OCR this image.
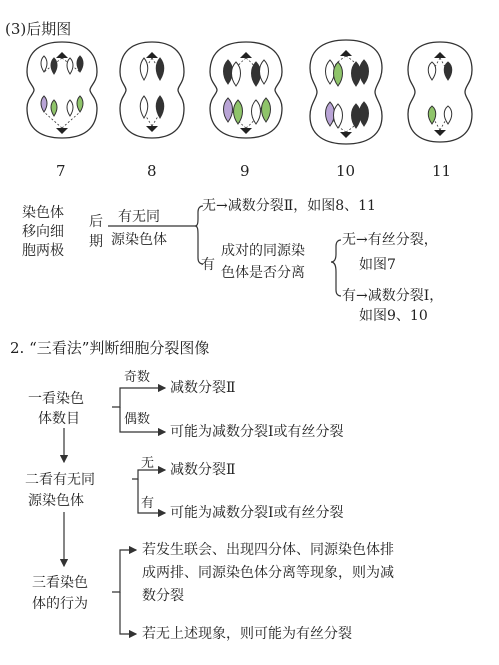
(3)后期图
7	8	9	10	11
染色体
移向细
胞两极
后
期
有无同
源染色体
无 →减数分裂Ⅱ，如图8、11
有
成对的同源染
色体是否分离
无→有丝分裂，
如图7
有→减数分裂Ⅰ，
如图9、10
2. “三看法”判断细胞分裂图像
一看染色
体数目
奇数
减数分裂Ⅱ
偶数
可能为减数分裂Ⅰ或有丝分裂
二看有无同
源染色体
无 减数分裂Ⅱ
有
可能为减数分裂Ⅰ或有丝分裂
三看染色
体的行为
若发生联会、出现四分体、同源染色体排
成两排、同源染色体分离等现象，则为减
数分裂
若无上述现象，则可能为有丝分裂
